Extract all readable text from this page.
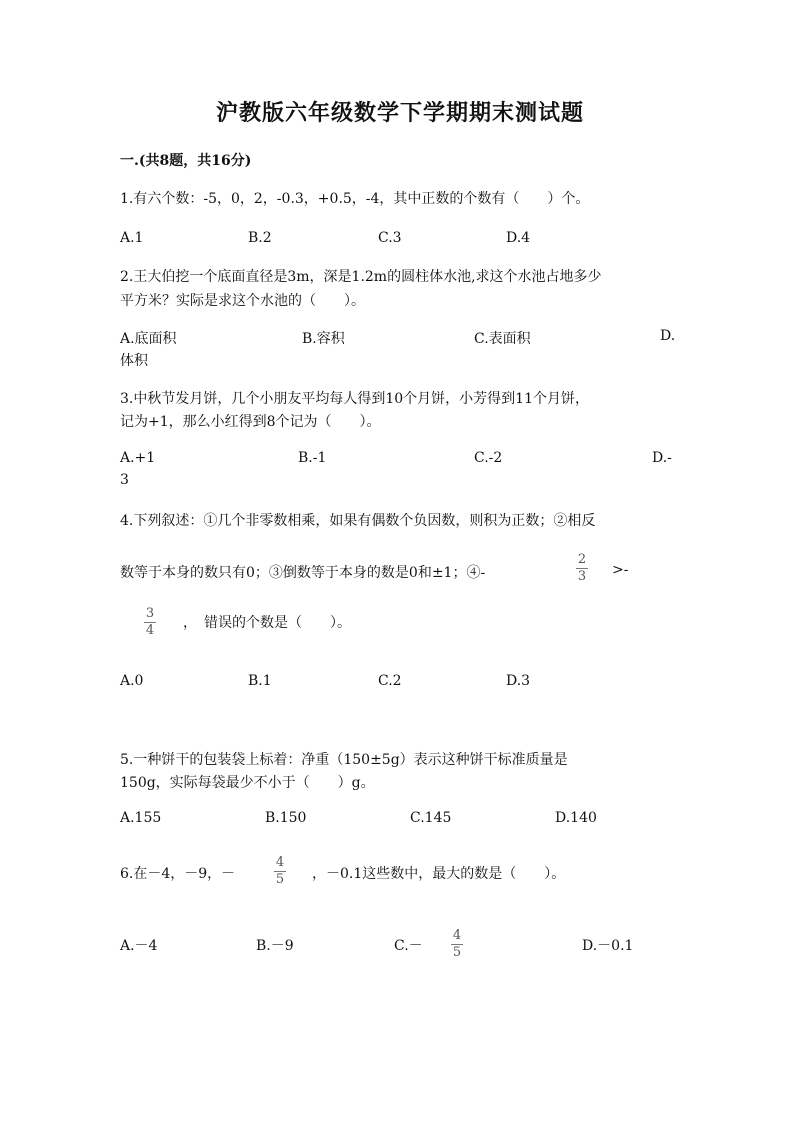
沪教版六年级数学下学期期末测试题
一.(共8题，共16分)
1.有六个数：-5，0，2，-0.3，+0.5，-4，其中正数的个数有（　　）个。
A.1	B.2	C.3	D.4
2.王大伯挖一个底面直径是3m，深是1.2m的圆柱体水池,求这个水池占地多少
平方米？实际是求这个水池的（　　）。
A.底面积	B.容积	C.表面积	D.
体积
3.中秋节发月饼，几个小朋友平均每人得到10个月饼，小芳得到11个月饼，
记为+1，那么小红得到8个记为（　　）。
A.+1	B.-1	C.-2	D.-
3
4.下列叙述：①几个非零数相乘，如果有偶数个负因数，则积为正数；②相反
数等于本身的数只有0；③倒数等于本身的数是0和±1；④-
2
3 >-
3
4 ，　错误的个数是（　　）。
A.0	B.1	C.2	D.3
5.一种饼干的包装袋上标着：净重（150±5g）表示这种饼干标准质量是
150g，实际每袋最少不小于（　　）g。
A.155	B.150	C.145	D.140
6.在－4，－9，－
4
5 ，－0.1这些数中，最大的数是（　　）。
A.－4	B.－9	C.－
4
5	D.－0.1
